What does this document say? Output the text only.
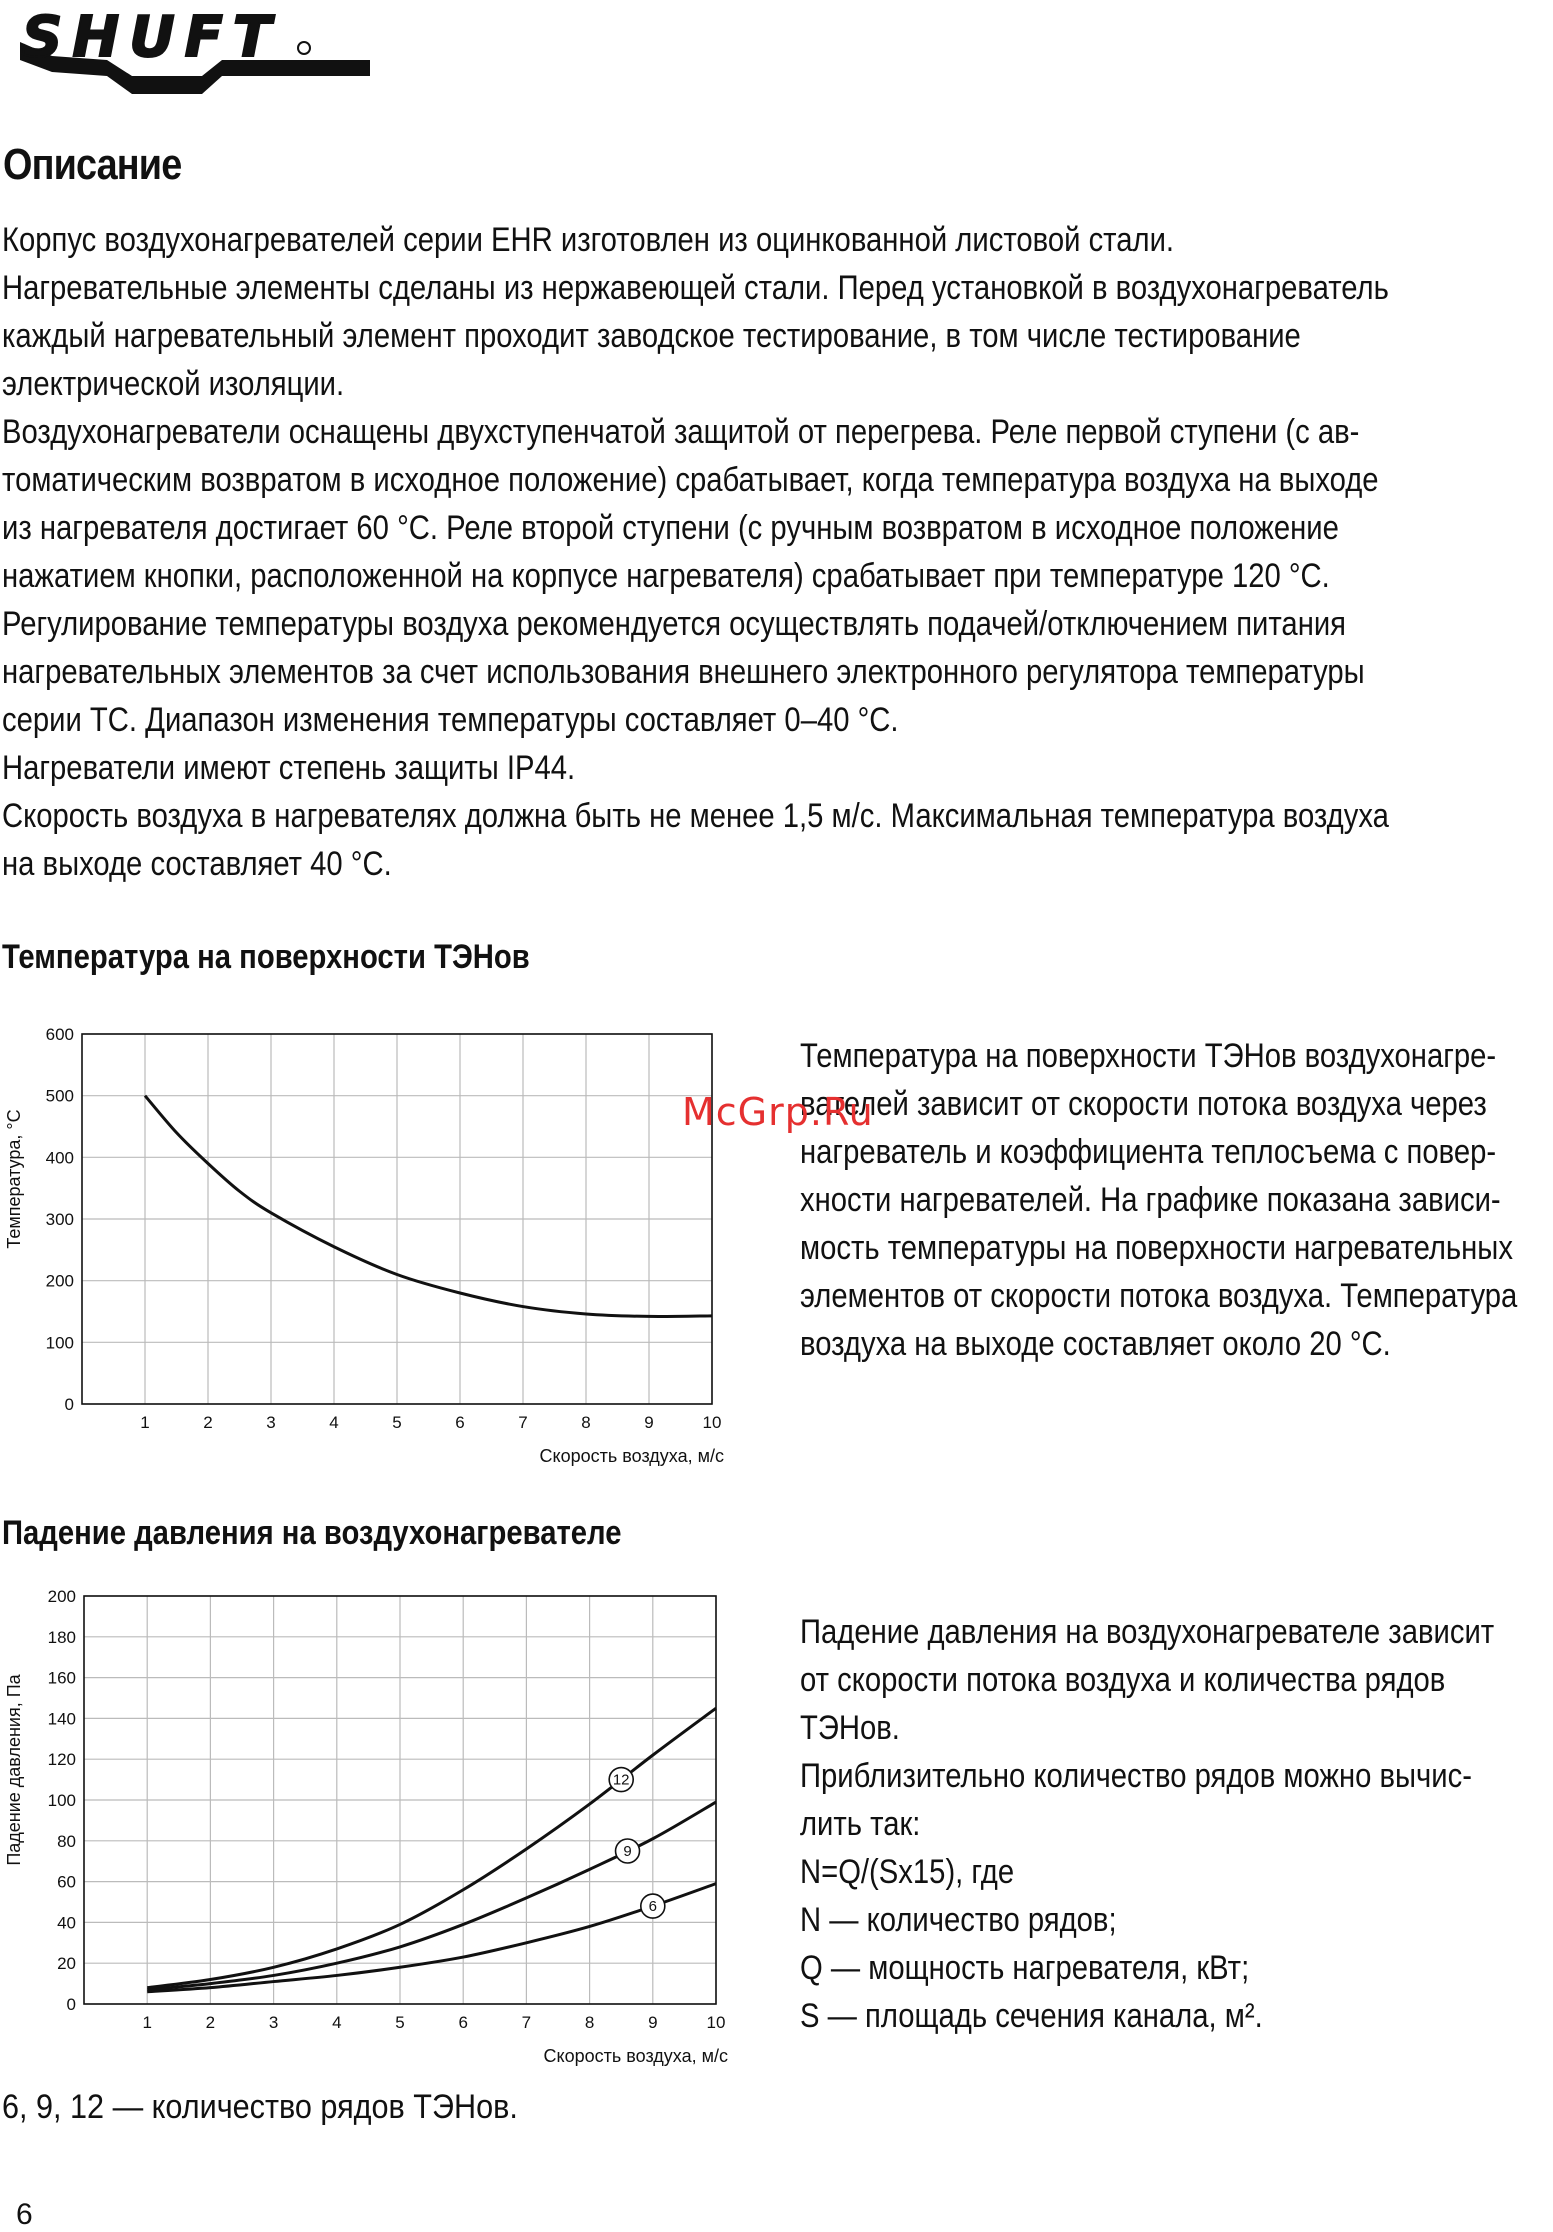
SHUFT
Описание

Корпус воздухонагревателей серии EHR изготовлен из оцинкованной листовой стали.

Нагревательные элементы сделаны из нержавеющей стали. Перед установкой в воздухонагреватель

каждый нагревательный элемент проходит заводское тестирование, в том числе тестирование

электрической изоляции.

Воздухонагреватели оснащены двухступенчатой защитой от перегрева. Реле первой ступени (с ав-

томатическим возвратом в исходное положение) срабатывает, когда температура воздуха на выходе

из нагревателя достигает 60 °С. Реле второй ступени (с ручным возвратом в исходное положение

нажатием кнопки, расположенной на корпусе нагревателя) срабатывает при температуре 120 °С.

Регулирование температуры воздуха рекомендуется осуществлять подачей/отключением питания

нагревательных элементов за счет использования внешнего электронного регулятора температуры

серии TC. Диапазон изменения температуры составляет 0–40 °С.

Нагреватели имеют степень защиты IP44.

Скорость воздуха в нагревателях должна быть не менее 1,5 м/с. Максимальная температура воздуха

на выходе составляет 40 °С.

Температура на поверхности ТЭНов
1	2	3	4	5	6	7	8	9	10
0
100
200
300
400
500
600
Скорость воздуха, м/с
Температура, °С

Температура на поверхности ТЭНов воздухонагре-

вателей зависит от скорости потока воздуха через

нагреватель и коэффициента теплосъема с повер-

хности нагревателей. На графике показана зависи-

мость температуры на поверхности нагревательных

элементов от скорости потока воздуха. Температура

воздуха на выходе составляет около 20 °С.

McGrp.Ru
Падение давления на воздухонагревателе
1	2	3	4	5	6	7	8	9	10
0
20
40
60
80
100
120
140
160
180
200
Скорость воздуха, м/с
Падение давления, Па
6
9
12

Падение давления на воздухонагревателе зависит

от скорости потока воздуха и количества рядов

ТЭНов.

Приблизительно количество рядов можно вычис-

лить так:

N=Q/(Sx15), где

N — количество рядов;

Q — мощность нагревателя, кВт;

S — площадь сечения канала, м².

6, 9, 12 — количество рядов ТЭНов.

6
